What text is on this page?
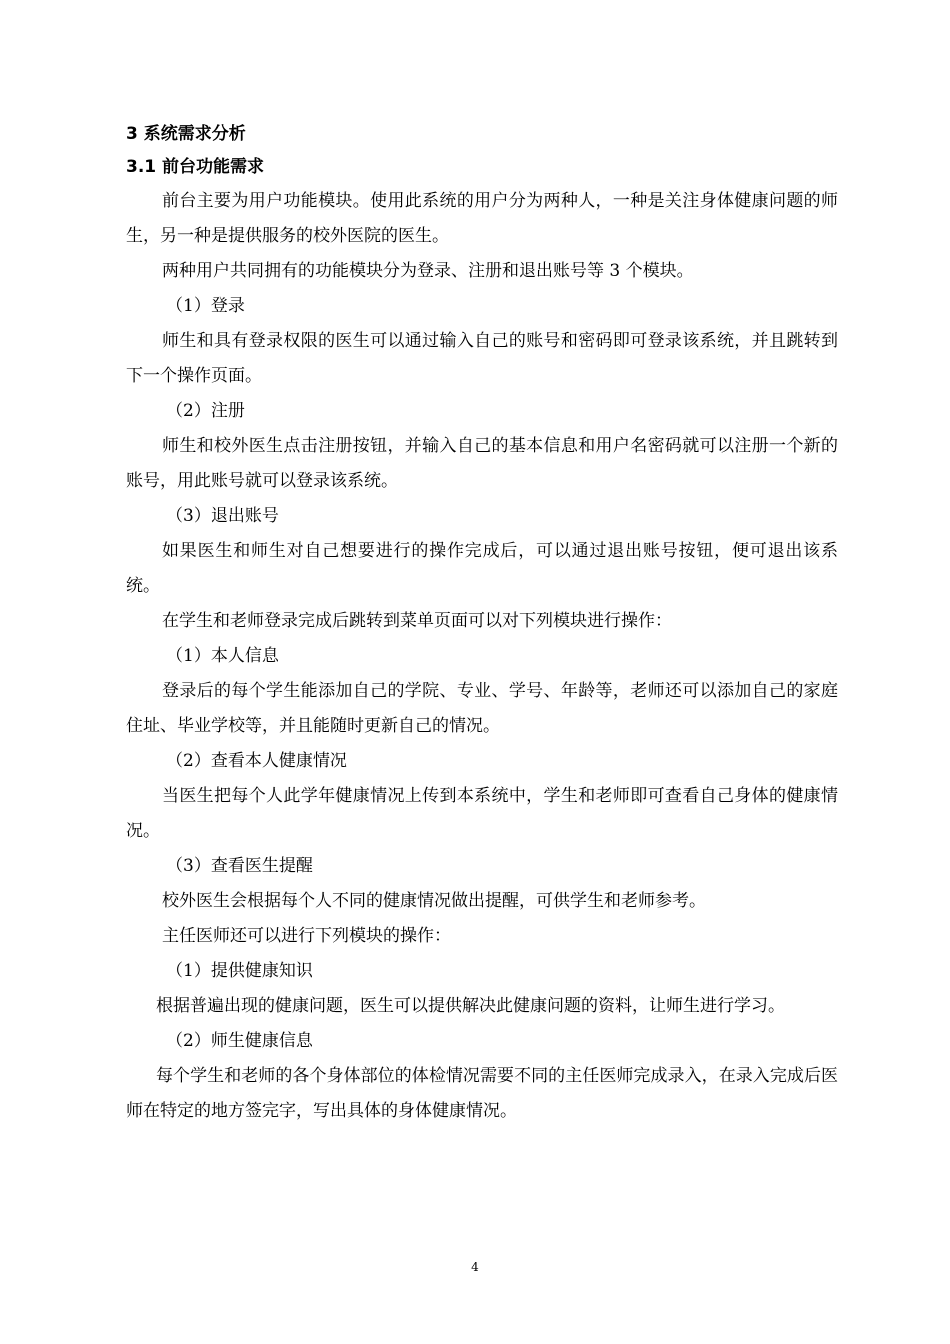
3 系统需求分析
3.1 前台功能需求

前台主要为用户功能模块。使用此系统的用户分为两种人，一种是关注身体健康问题的师生，另一种是提供服务的校外医院的医生。

两种用户共同拥有的功能模块分为登录、注册和退出账号等 3 个模块。

（1）登录

师生和具有登录权限的医生可以通过输入自己的账号和密码即可登录该系统，并且跳转到下一个操作页面。

（2）注册

师生和校外医生点击注册按钮，并输入自己的基本信息和用户名密码就可以注册一个新的账号，用此账号就可以登录该系统。

（3）退出账号

如果医生和师生对自己想要进行的操作完成后，可以通过退出账号按钮，便可退出该系统。

在学生和老师登录完成后跳转到菜单页面可以对下列模块进行操作：

（1）本人信息

登录后的每个学生能添加自己的学院、专业、学号、年龄等，老师还可以添加自己的家庭住址、毕业学校等，并且能随时更新自己的情况。

（2）查看本人健康情况

当医生把每个人此学年健康情况上传到本系统中，学生和老师即可查看自己身体的健康情况。

（3）查看医生提醒

校外医生会根据每个人不同的健康情况做出提醒，可供学生和老师参考。

主任医师还可以进行下列模块的操作：

（1）提供健康知识

根据普遍出现的健康问题，医生可以提供解决此健康问题的资料，让师生进行学习。

（2）师生健康信息

每个学生和老师的各个身体部位的体检情况需要不同的主任医师完成录入，在录入完成后医师在特定的地方签完字，写出具体的身体健康情况。

4
